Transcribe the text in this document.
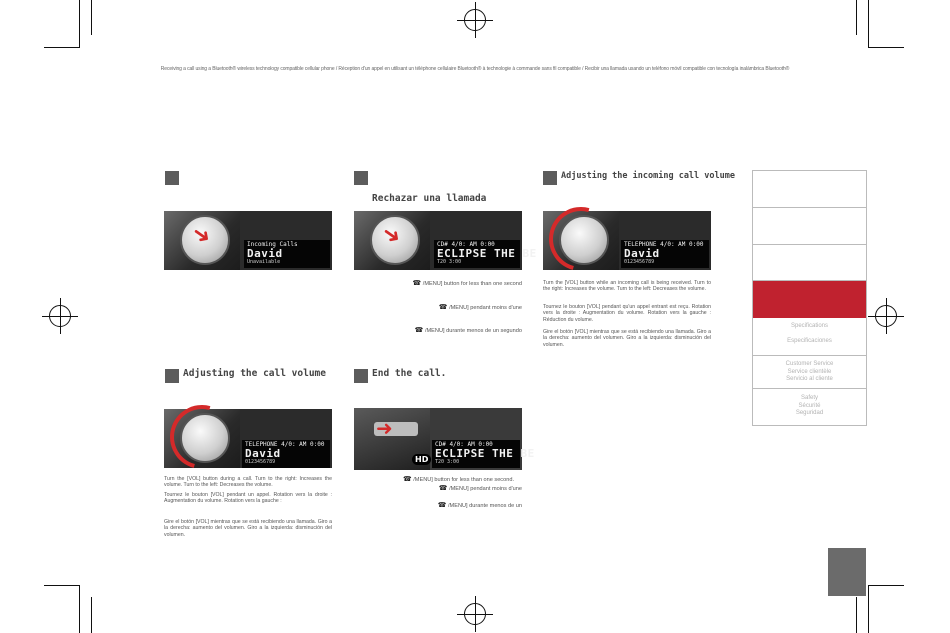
Receiving a call using a Bluetooth® wireless technology compatible cellular phone / Réception d'un appel en utilisant un téléphone cellulaire Bluetooth® à technologie à commande sans fil compatible / Recibir una llamada usando un teléfono móvil compatible con tecnología inalámbrica Bluetooth®
➜	Incoming Calls
David
Unavailable
Rechazar una llamada
➜	CD# 4/0: AM 0:00
ECLIPSE THE BE
T20 3:00
☎ /MENU] button for less than one second
☎ /MENU] pendant moins d'une
☎ /MENU] durante menos de un segundo
Adjusting the incoming call volume
TELEPHONE 4/0: AM 0:00
David
0123456789
Turn the [VOL] button while an incoming call is being received. Turn to the right: Increases the volume. Turn to the left: Decreases the volume.
Tournez le bouton [VOL] pendant qu'un appel entrant est reçu. Rotation vers la droite : Augmentation du volume. Rotation vers la gauche : Réduction du volume.
Gire el botón [VOL] mientras que se está recibiendo una llamada. Giro a la derecha: aumento del volumen. Giro a la izquierda: disminución del volumen.
Adjusting the call volume
TELEPHONE 4/0: AM 0:00
David
0123456789
Turn the [VOL] button during a call. Turn to the right: Increases the volume. Turn to the left: Decreases the volume.
Tournez le bouton [VOL] pendant un appel. Rotation vers la droite : Augmentation du volume. Rotation vers la gauche :
Gire el botón [VOL] mientras que se está recibiendo una llamada. Giro a la derecha: aumento del volumen. Giro a la izquierda: disminución del volumen.
End the call.
➜
HD
CD# 4/0: AM 0:00
ECLIPSE THE BE
T20 3:00
☎ /MENU] button for less than one second.
☎ /MENU] pendant moins d'une
☎ /MENU] durante menos de un
Specifications
Especificaciones
Customer Service
Service clientèle
Servicio al cliente
Safety
Sécurité
Seguridad
